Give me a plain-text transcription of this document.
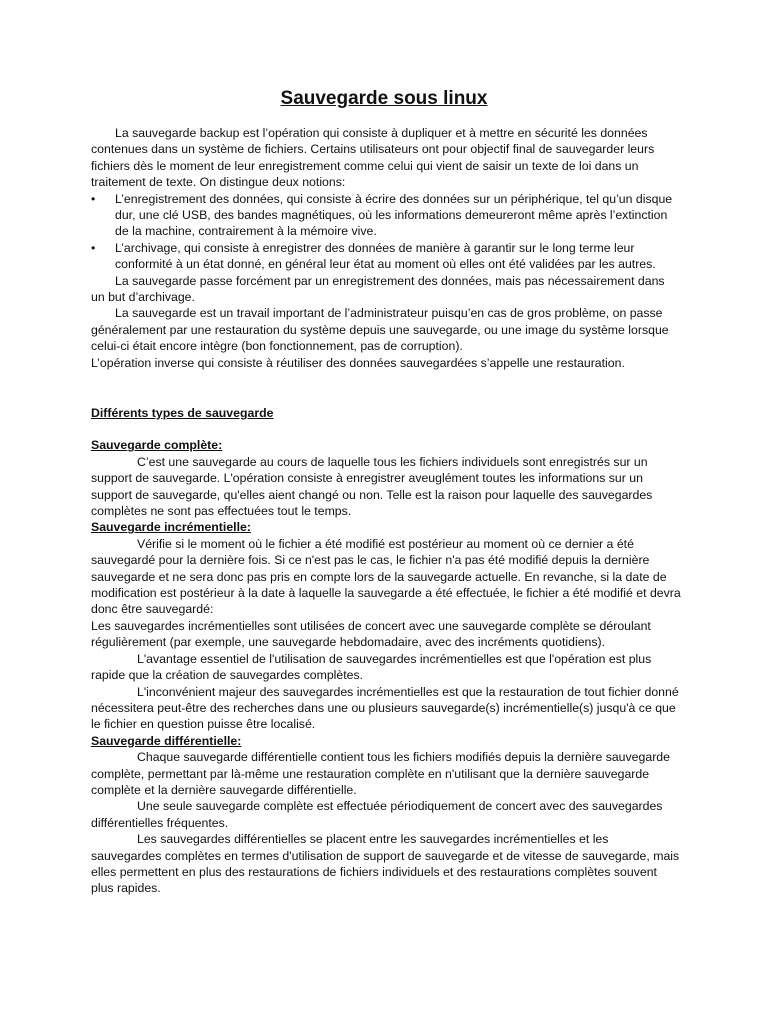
Sauvegarde sous linux

La sauvegarde backup est l’opération qui consiste à dupliquer et à mettre en sécurité les données contenues dans un système de fichiers. Certains utilisateurs ont pour objectif final de sauvegarder leurs fichiers dès le moment de leur enregistrement comme celui qui vient de saisir un texte de loi dans un traitement de texte. On distingue deux notions:

• L’enregistrement des données, qui consiste à écrire des données sur un périphérique, tel qu’un disque dur, une clé USB, des bandes magnétiques, où les informations demeureront même après l’extinction de la machine, contrairement à la mémoire vive.
• L’archivage, qui consiste à enregistrer des données de manière à garantir sur le long terme leur conformité à un état donné, en général leur état au moment où elles ont été validées par les autres.

La sauvegarde passe forcément par un enregistrement des données, mais pas nécessairement dans un but d’archivage.

La sauvegarde est un travail important de l’administrateur puisqu’en cas de gros problème, on passe généralement par une restauration du système depuis une sauvegarde, ou une image du système lorsque celui-ci était encore intègre (bon fonctionnement, pas de corruption).

L’opération inverse qui consiste à réutiliser des données sauvegardées s’appelle une restauration.

Différents types de sauvegarde

Sauvegarde complète:

C’est une sauvegarde au cours de laquelle tous les fichiers individuels sont enregistrés sur un support de sauvegarde. L'opération consiste à enregistrer aveuglément toutes les informations sur un support de sauvegarde, qu'elles aient changé ou non. Telle est la raison pour laquelle des sauvegardes complètes ne sont pas effectuées tout le temps.

Sauvegarde incrémentielle:

Vérifie si le moment où le fichier a été modifié est postérieur au moment où ce dernier a été sauvegardé pour la dernière fois. Si ce n'est pas le cas, le fichier n'a pas été modifié depuis la dernière sauvegarde et ne sera donc pas pris en compte lors de la sauvegarde actuelle. En revanche, si la date de modification est postérieur à la date à laquelle la sauvegarde a été effectuée, le fichier a été modifié et devra donc être sauvegardé:

Les sauvegardes incrémentielles sont utilisées de concert avec une sauvegarde complète se déroulant régulièrement (par exemple, une sauvegarde hebdomadaire, avec des incréments quotidiens).

L'avantage essentiel de l'utilisation de sauvegardes incrémentielles est que l'opération est plus rapide que la création de sauvegardes complètes.

L'inconvénient majeur des sauvegardes incrémentielles est que la restauration de tout fichier donné nécessitera peut-être des recherches dans une ou plusieurs sauvegarde(s) incrémentielle(s) jusqu'à ce que le fichier en question puisse être localisé.

Sauvegarde différentielle:

Chaque sauvegarde différentielle contient tous les fichiers modifiés depuis la dernière sauvegarde complète, permettant par là-même une restauration complète en n'utilisant que la dernière sauvegarde complète et la dernière sauvegarde différentielle.

Une seule sauvegarde complète est effectuée périodiquement de concert avec des sauvegardes différentielles fréquentes.

Les sauvegardes différentielles se placent entre les sauvegardes incrémentielles et les sauvegardes complètes en termes d'utilisation de support de sauvegarde et de vitesse de sauvegarde, mais elles permettent en plus des restaurations de fichiers individuels et des restaurations complètes souvent plus rapides.
